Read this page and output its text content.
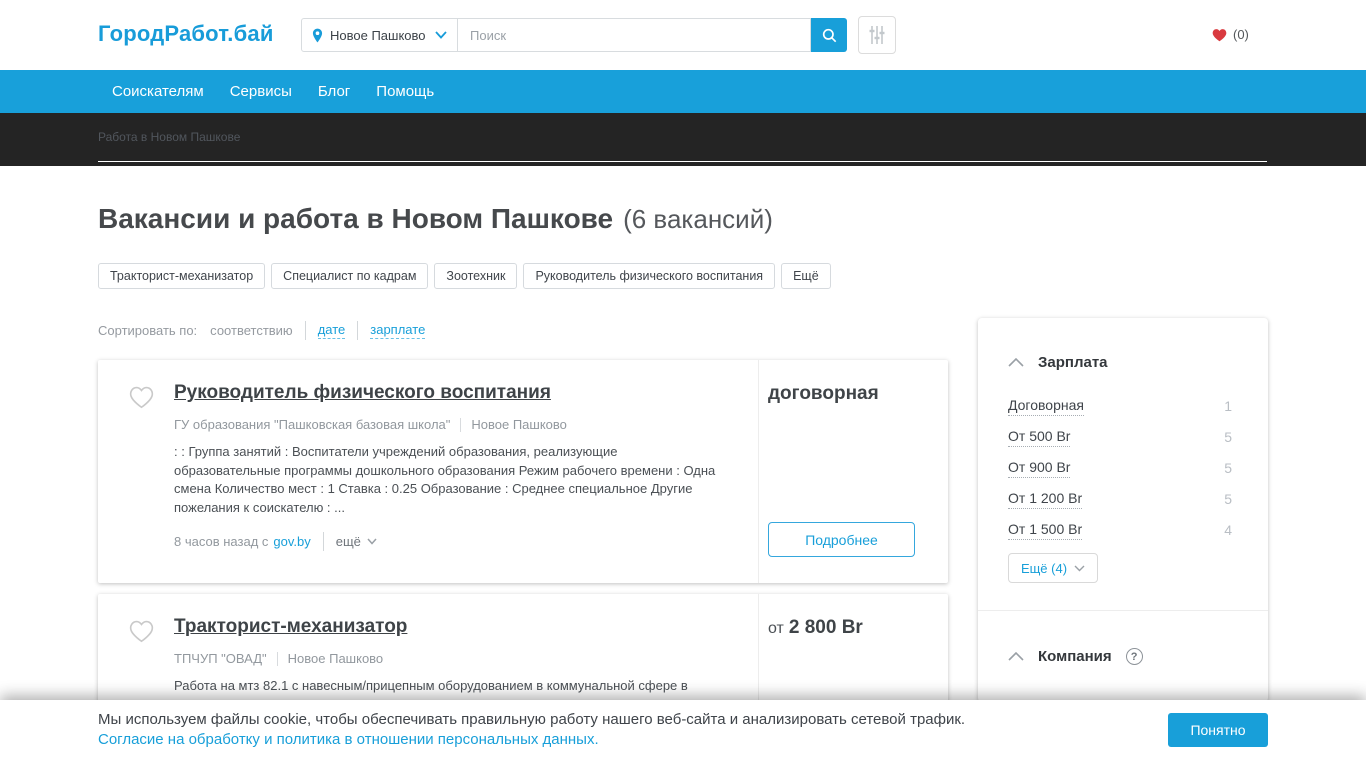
ГородРабот.бай	Новое Пашково
Поиск	(0)
Соискателям Сервисы Блог Помощь
Работа в Новом Пашкове
Вакансии и работа в Новом Пашкове (6 вакансий)
Тракторист-механизатор	Специалист по кадрам	Зоотехник	Руководитель физического воспитания	Ещё
Сортировать по: соответствию дате зарплате
Руководитель физического воспитания
ГУ образования "Пашковская базовая школа" Новое Пашково
: : Группа занятий : Воспитатели учреждений образования, реализующие образовательные программы дошкольного образования Режим рабочего времени : Одна смена Количество мест : 1 Ставка : 0.25 Образование : Среднее специальное Другие пожелания к соискателю : ...
8 часов назад с gov.by ещё
договорная
Подробнее
Тракторист-механизатор
ТПЧУП "ОВАД" Новое Пашково
Работа на мтз 82.1 с навесным/прицепным оборудованием в коммунальной сфере в
от 2 800 Br
Зарплата
Договорная	1
От 500 Br	5
От 900 Br	5
От 1 200 Br	5
От 1 500 Br	4
Ещё (4)
Компания	?
Мы используем файлы cookie, чтобы обеспечивать правильную работу нашего веб-сайта и анализировать сетевой трафик.
Согласие на обработку и политика в отношении персональных данных.
Понятно
